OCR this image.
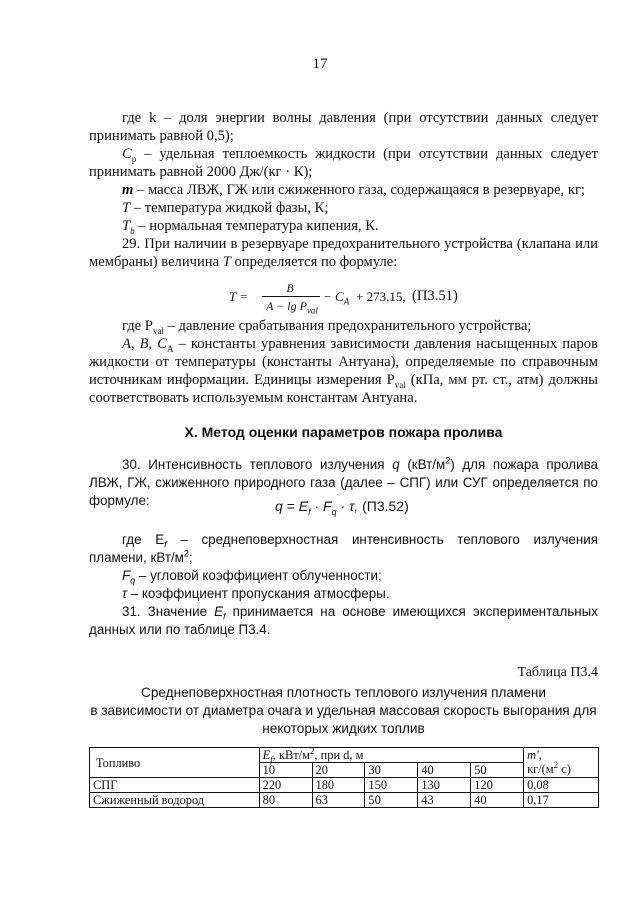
17
где k – доля энергии волны давления (при отсутствии данных следует принимать равной 0,5);
$C_p$ – удельная теплоемкость жидкости (при отсутствии данных следует принимать равной 2000 Дж/(кг · К);
m – масса ЛВЖ, ГЖ или сжиженного газа, содержащаяся в резервуаре, кг;
T – температура жидкой фазы, К;
$T_b$ – нормальная температура кипения, К.
29. При наличии в резервуаре предохранительного устройства (клапана или мембраны) величина T определяется по формуле:
T =
B
$A - \lg P_{val}$
− $C_A + 273,15$, (П3.51)
где $P_{val}$ – давление срабатывания предохранительного устройства;
A, B, $C_A$ – константы уравнения зависимости давления насыщенных паров жидкости от температуры (константы Антуана), определяемые по справочным источникам информации. Единицы измерения $P_{val}$ (кПа, мм рт. ст., атм) должны соответствовать используемым константам Антуана.
X. Метод оценки параметров пожара пролива
30. Интенсивность теплового излучения q $(кВт/м^2)$ для пожара пролива ЛВЖ, ГЖ, сжиженного природного газа (далее – СПГ) или СУГ определяется по формуле:	$q = E_f \cdot F_q \cdot \tau$, (П3.52)
где $E_f$ – среднеповерхностная интенсивность теплового излучения пламени, кВт/$м^2$;
$F_q$ – угловой коэффициент облученности;
τ – коэффициент пропускания атмосферы.
31. Значение $E_f$ принимается на основе имеющихся экспериментальных данных или по таблице П3.4.
Таблица П3.4
Среднеповерхностная плотность теплового излучения пламени
в зависимости от диаметра очага и удельная массовая скорость выгорания для
некоторых жидких топлив
Топливо	$E_f$, кВт/$м^2$, при d, м					m',
$кг/(м^2$ с)

	10	20	30	40	50	
СПГ	220	180	150	130	120	0,08
Сжиженный водород	80	63	50	43	40	0,17
